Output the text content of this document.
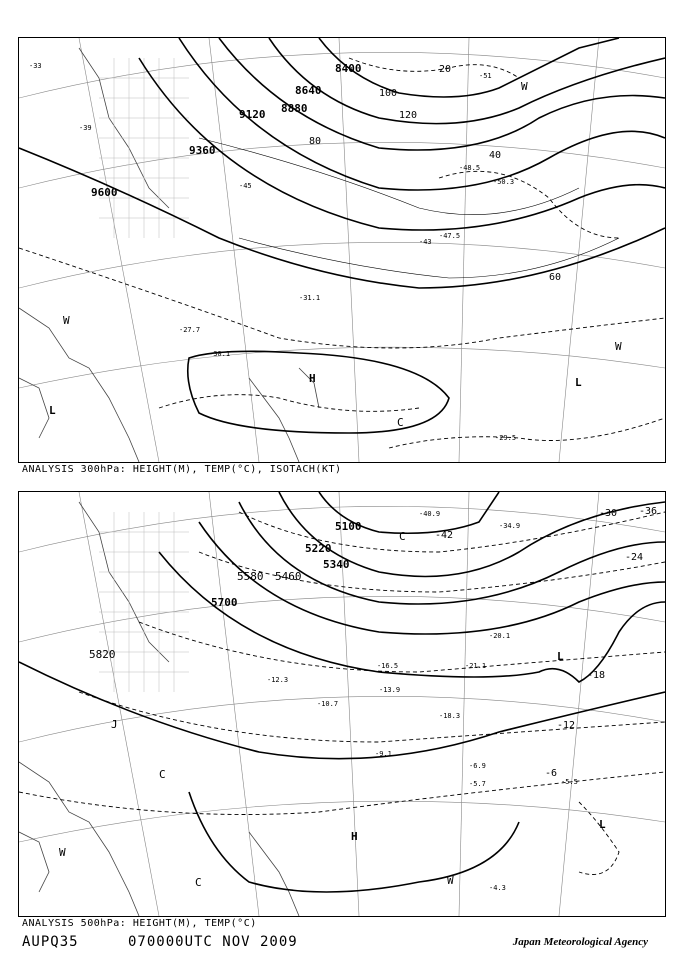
8400
8640
8880
9120
9360
9600
20
40
60
80
100
120
H
L
L
C
W
W
W
-33
-39
-45
-51
-47.5
-48.5
-50.3
-43
-31.1
-29.5
-27.7
-30.1
ANALYSIS 300hPa: HEIGHT(M), TEMP(°C), ISOTACH(KT)
5100
5220
5340
5460
5580
5700
5820
-42
-36
-30
-24
-18
-12
-6
H
L
L
C
C
C
W
W
J
-40.9
-34.9
-16.5
-18.3
-20.1
-21.1
-10.7
-13.9
-12.3
-9.1
-6.9
-5.7	-5.5
-4.3
ANALYSIS 500hPa: HEIGHT(M), TEMP(°C)
AUPQ35	070000UTC NOV 2009	Japan Meteorological Agency
